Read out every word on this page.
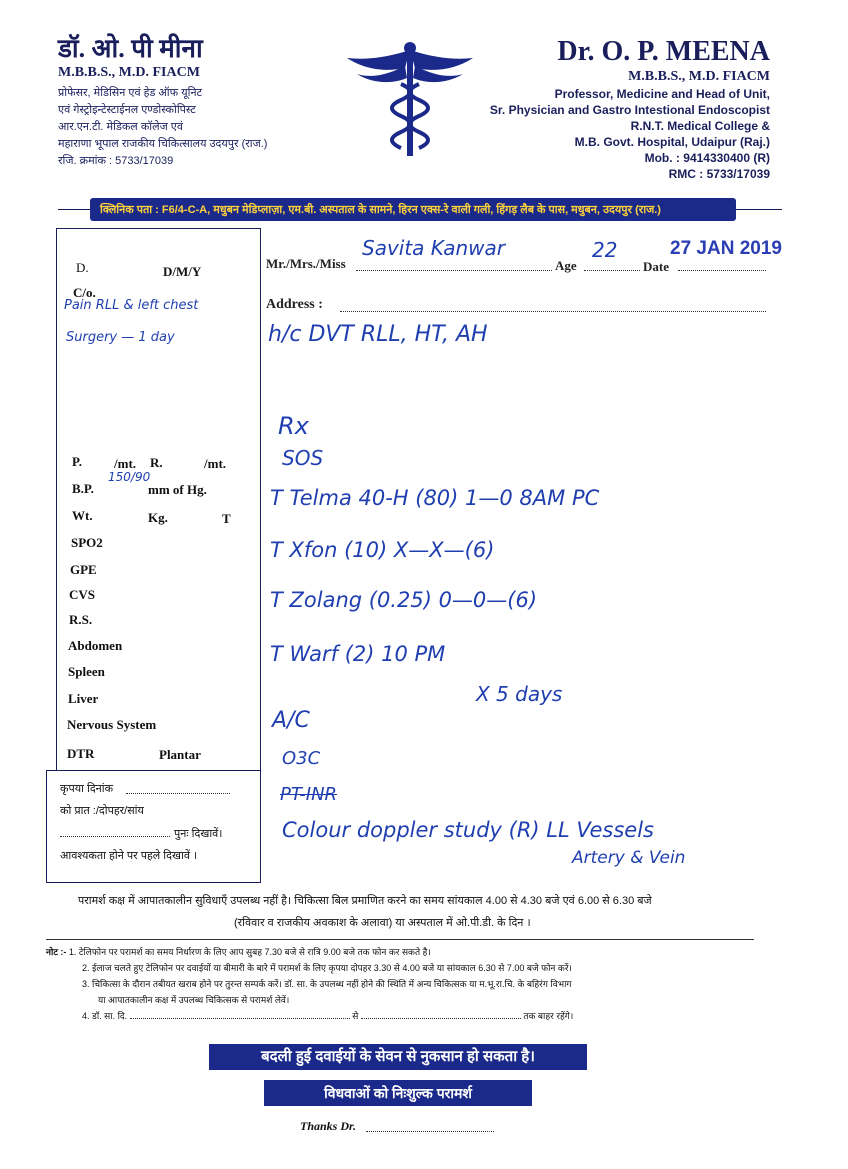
डॉ. ओ. पी मीना
M.B.B.S., M.D. FIACM
प्रोफेसर, मेडिसिन एवं हेड ऑफ यूनिट
एवं गेस्ट्रोइन्टेस्टाईनल एण्डोस्कोपिस्ट
आर.एन.टी. मेडिकल कॉलेज एवं
महाराणा भूपाल राजकीय चिकित्सालय उदयपुर (राज.)
रजि. क्रमांक : 5733/17039
Dr. O. P. MEENA
M.B.B.S., M.D. FIACM
Professor, Medicine and Head of Unit,
Sr. Physician and Gastro Intestional Endoscopist
R.N.T. Medical College &
M.B. Govt. Hospital, Udaipur (Raj.)
Mob. : 9414330400 (R)
RMC : 5733/17039
क्लिनिक पता : F6/4-C-A, मधुबन मेडिप्लाज़ा, एम.बी. अस्पताल के सामने, हिरन एक्स-रे वाली गली, हिंगड़ लैब के पास, मधुबन, उदयपुर (राज.)
Mr./Mrs./Miss
Savita Kanwar
Age
22
Date
27 JAN 2019
Address :
h/c DVT RLL, HT, AH
D.	D/M/Y
C/o.
Pain RLL & left chest
Surgery — 1 day
P. /mt. R.	/mt.
B.P.
150/90
mm of Hg.
Wt.	Kg.	T
SPO2
GPE
CVS
R.S.
Abdomen
Spleen
Liver
Nervous System
DTR	Plantar
कृपया दिनांक
को प्रात :/दोपहर/सांय
पुनः दिखावें।
आवश्यकता होने पर पहले दिखावें ।
Rx
SOS
T Telma 40-H (80) 1—0 8AM PC
T Xfon (10) X—X—(6)
T Zolang (0.25) 0—0—(6)
T Warf (2) 10 PM
X 5 days
A/C
O3C
PT-INR
Colour doppler study (R) LL Vessels
Artery & Vein
परामर्श कक्ष में आपातकालीन सुविधाएँ उपलब्ध नहीं है। चिकित्सा बिल प्रमाणित करने का समय सांयकाल 4.00 से 4.30 बजे एवं 6.00 से 6.30 बजे
(रविवार व राजकीय अवकाश के अलावा) या अस्पताल में ओ.पी.डी. के दिन ।
नोट :- 1. टेलिफोन पर परामर्श का समय निर्धारण के लिए आप सुबह 7.30 बजे से रात्रि 9.00 बजे तक फोन कर सकते है।
2. ईलाज चलते हुए टेलिफोन पर दवाईयों या बीमारी के बारे में परामर्श के लिए कृपया दोपहर 3.30 से 4.00 बजे या सांयकाल 6.30 से 7.00 बजे फोन करें।
3. चिकित्सा के दौरान तबीयत खराब होने पर तुरन्त सम्पर्क करें। डॉ. सा. के उपलब्ध नहीं होने की स्थिति में अन्य चिकित्सक या म.भू.रा.चि. के बहिरंग विभाग
या आपातकालीन कक्ष में उपलब्ध चिकित्सक से परामर्श लेवें।
4. डॉ. सा. दि.	से	तक बाहर रहेंगे।
बदली हुई दवाईयों के सेवन से नुकसान हो सकता है।
विधवाओं को निःशुल्क परामर्श
Thanks Dr.
